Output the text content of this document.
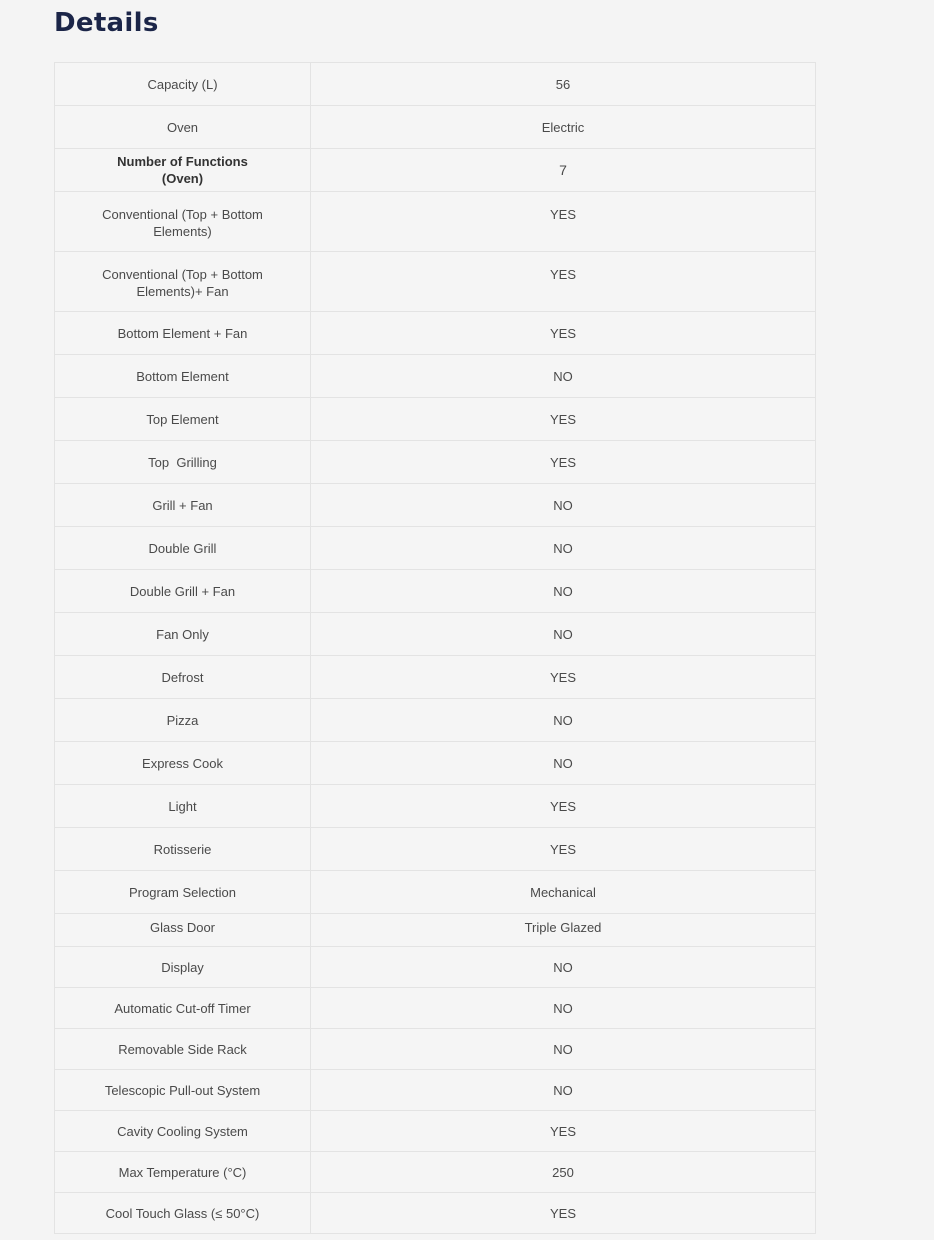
Details
Capacity (L)	56
Oven	Electric
Number of Functions (Oven)	7
Conventional (Top + Bottom Elements)	YES
Conventional (Top + Bottom Elements)+ Fan	YES
Bottom Element + Fan	YES
Bottom Element	NO
Top Element	YES
Top  Grilling	YES
Grill + Fan	NO
Double Grill	NO
Double Grill + Fan	NO
Fan Only	NO
Defrost	YES
Pizza	NO
Express Cook	NO
Light	YES
Rotisserie	YES
Program Selection	Mechanical
Glass Door	Triple Glazed
Display	NO
Automatic Cut-off Timer	NO
Removable Side Rack	NO
Telescopic Pull-out System	NO
Cavity Cooling System	YES
Max Temperature (°C)	250
Cool Touch Glass (≤ 50°C)	YES
